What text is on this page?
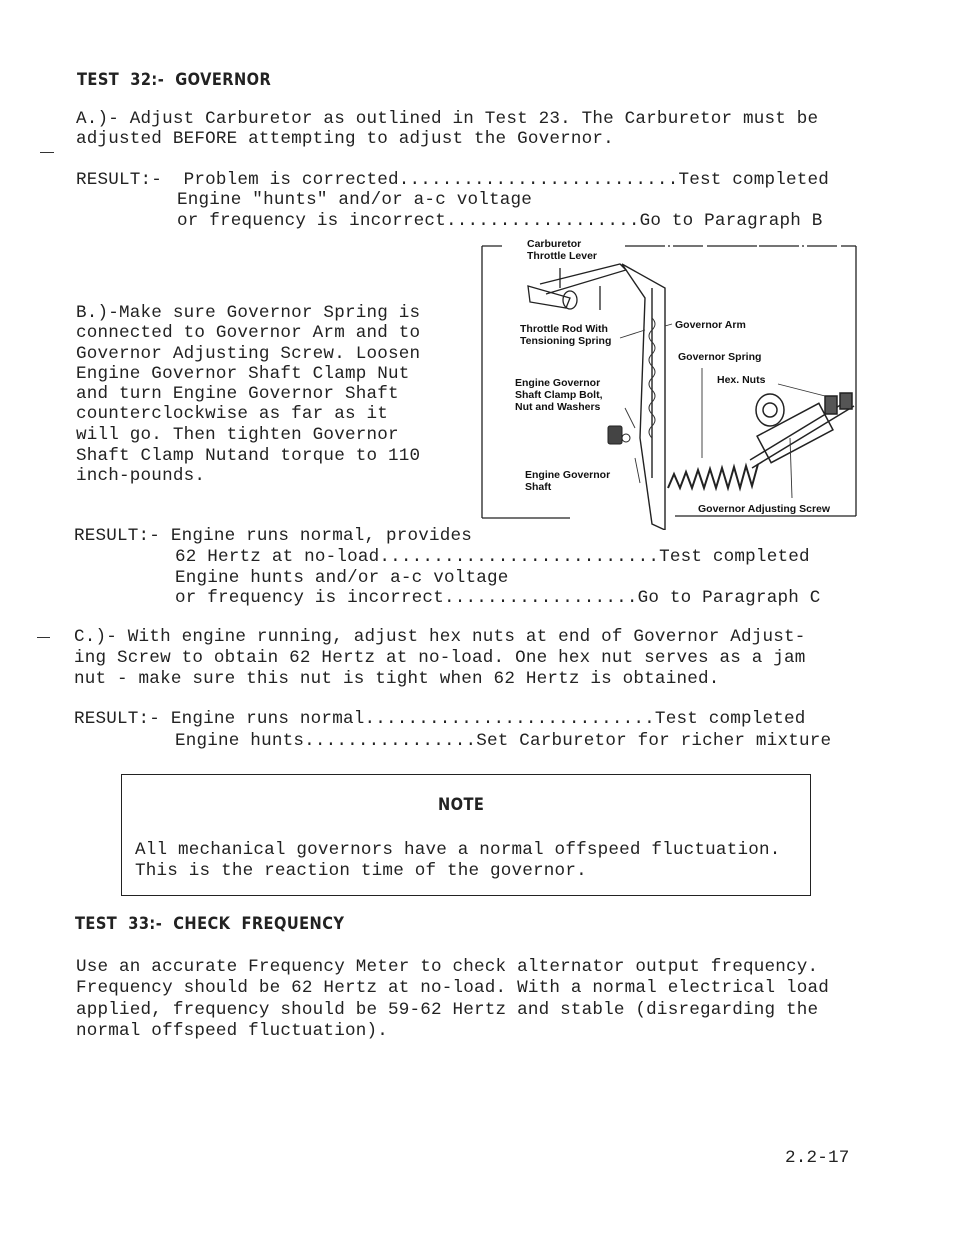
TEST  32:-  GOVERNOR
A.)- Adjust Carburetor as outlined in Test 23. The Carburetor must be
adjusted BEFORE attempting to adjust the Governor.
RESULT:-  Problem is corrected..........................Test completed
Engine "hunts" and/or a-c voltage
or frequency is incorrect..................Go to Paragraph B
B.)-Make sure Governor Spring is
connected to Governor Arm and to
Governor Adjusting Screw. Loosen
Engine Governor Shaft Clamp Nut
and turn Engine Governor Shaft
counterclockwise as far as it
will go. Then tighten Governor
Shaft Clamp Nutand torque to 110
inch-pounds.
Carburetor
Throttle Lever
Throttle Rod With
Tensioning Spring
Engine Governor
Shaft Clamp Bolt,
Nut and Washers
Engine Governor
Shaft
Governor Arm
Governor Spring
Hex. Nuts
Governor Adjusting Screw
RESULT:- Engine runs normal, provides
62 Hertz at no-load..........................Test completed
Engine hunts and/or a-c voltage
or frequency is incorrect..................Go to Paragraph C
C.)- With engine running, adjust hex nuts at end of Governor Adjust-
ing Screw to obtain 62 Hertz at no-load. One hex nut serves as a jam
nut - make sure this nut is tight when 62 Hertz is obtained.
RESULT:- Engine runs normal...........................Test completed
Engine hunts................Set Carburetor for richer mixture
NOTE
All mechanical governors have a normal offspeed fluctuation.
This is the reaction time of the governor.
TEST  33:-  CHECK  FREQUENCY
Use an accurate Frequency Meter to check alternator output frequency.
Frequency should be 62 Hertz at no-load. With a normal electrical load
applied, frequency should be 59-62 Hertz and stable (disregarding the
normal offspeed fluctuation).
2.2-17
